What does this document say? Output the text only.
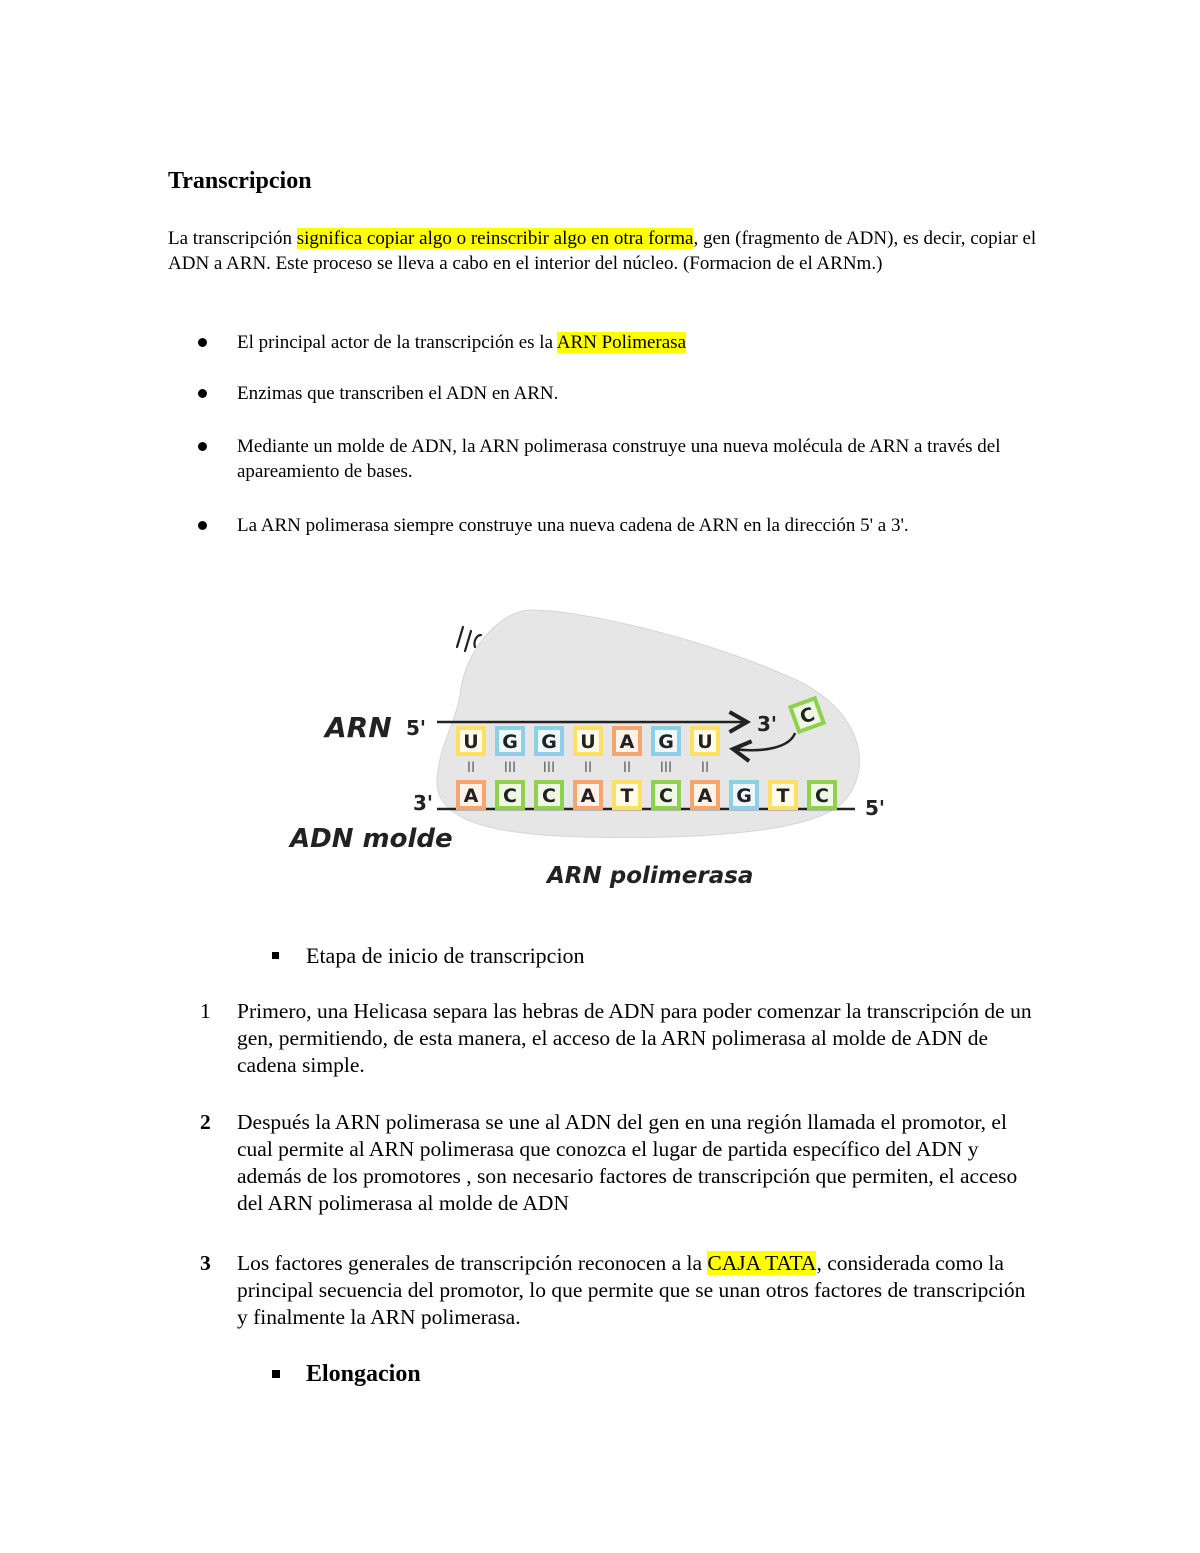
Transcripcion

La transcripción significa copiar algo o reinscribir algo en otra forma, gen (fragmento de ADN), es decir, copiar el ADN a ARN. Este proceso se lleva a cabo en el interior del núcleo. (Formacion de el ARNm.)

El principal actor de la transcripción es la ARN Polimerasa
Enzimas que transcriben el ADN en ARN.
Mediante un molde de ADN, la ARN polimerasa construye una nueva molécula de ARN a través del apareamiento de bases.
La ARN polimerasa siempre construye una nueva cadena de ARN en la dirección 5' a 3'.
ARN 5'	3'
3'	5'
ADN molde
ARN polimerasa
U G G U A G U
II III III II II III II
A C C A T C A G T C
C
Etapa de inicio de transcripcion
1 Primero, una Helicasa separa las hebras de ADN para poder comenzar la transcripción de un gen, permitiendo, de esta manera, el acceso de la ARN polimerasa al molde de ADN de cadena simple.
2 Después la ARN polimerasa se une al ADN del gen en una región llamada el promotor, el cual permite al ARN polimerasa que conozca el lugar de partida específico del ADN y además de los promotores , son necesario factores de transcripción que permiten, el acceso del ARN polimerasa al molde de ADN
3 Los factores generales de transcripción reconocen a la CAJA TATA, considerada como la principal secuencia del promotor, lo que permite que se unan otros factores de transcripción y finalmente la ARN polimerasa.
Elongacion
